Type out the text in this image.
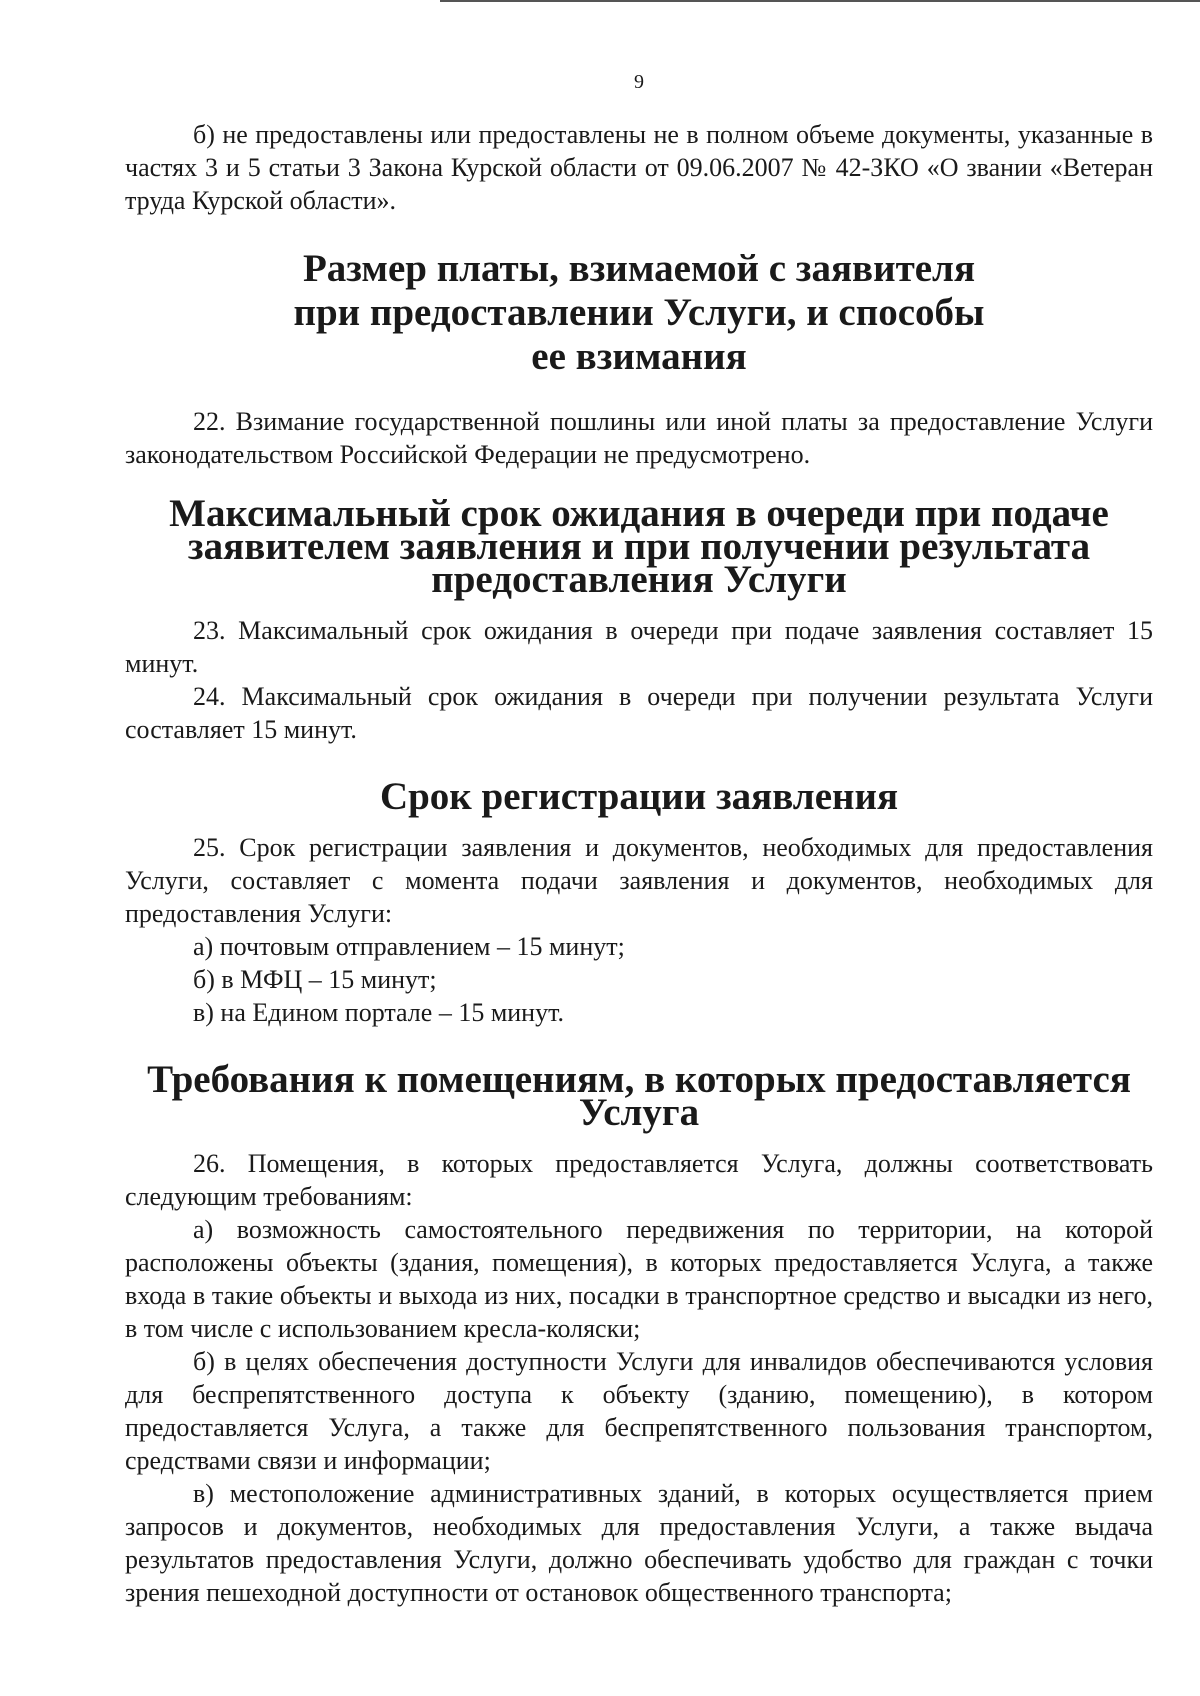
9

б) не предоставлены или предоставлены не в полном объеме документы, указанные в частях 3 и 5 статьи 3 Закона Курской области от 09.06.2007 № 42-ЗКО «О звании «Ветеран труда Курской области».

Размер платы, взимаемой с заявителя при предоставлении Услуги, и способы ее взимания

22. Взимание государственной пошлины или иной платы за предоставление Услуги законодательством Российской Федерации не предусмотрено.

Максимальный срок ожидания в очереди при подаче заявителем заявления и при получении результата предоставления Услуги

23. Максимальный срок ожидания в очереди при подаче заявления составляет 15 минут.

24. Максимальный срок ожидания в очереди при получении результата Услуги составляет 15 минут.

Срок регистрации заявления

25. Срок регистрации заявления и документов, необходимых для предоставления Услуги, составляет с момента подачи заявления и документов, необходимых для предоставления Услуги:

а) почтовым отправлением – 15 минут;

б) в МФЦ – 15 минут;

в) на Едином портале – 15 минут.

Требования к помещениям, в которых предоставляется Услуга

26. Помещения, в которых предоставляется Услуга, должны соответствовать следующим требованиям:

а) возможность самостоятельного передвижения по территории, на которой расположены объекты (здания, помещения), в которых предоставляется Услуга, а также входа в такие объекты и выхода из них, посадки в транспортное средство и высадки из него, в том числе с использованием кресла-коляски;

б) в целях обеспечения доступности Услуги для инвалидов обеспечиваются условия для беспрепятственного доступа к объекту (зданию, помещению), в котором предоставляется Услуга, а также для беспрепятственного пользования транспортом, средствами связи и информации;

в) местоположение административных зданий, в которых осуществляется прием запросов и документов, необходимых для предоставления Услуги, а также выдача результатов предоставления Услуги, должно обеспечивать удобство для граждан с точки зрения пешеходной доступности от остановок общественного транспорта;
